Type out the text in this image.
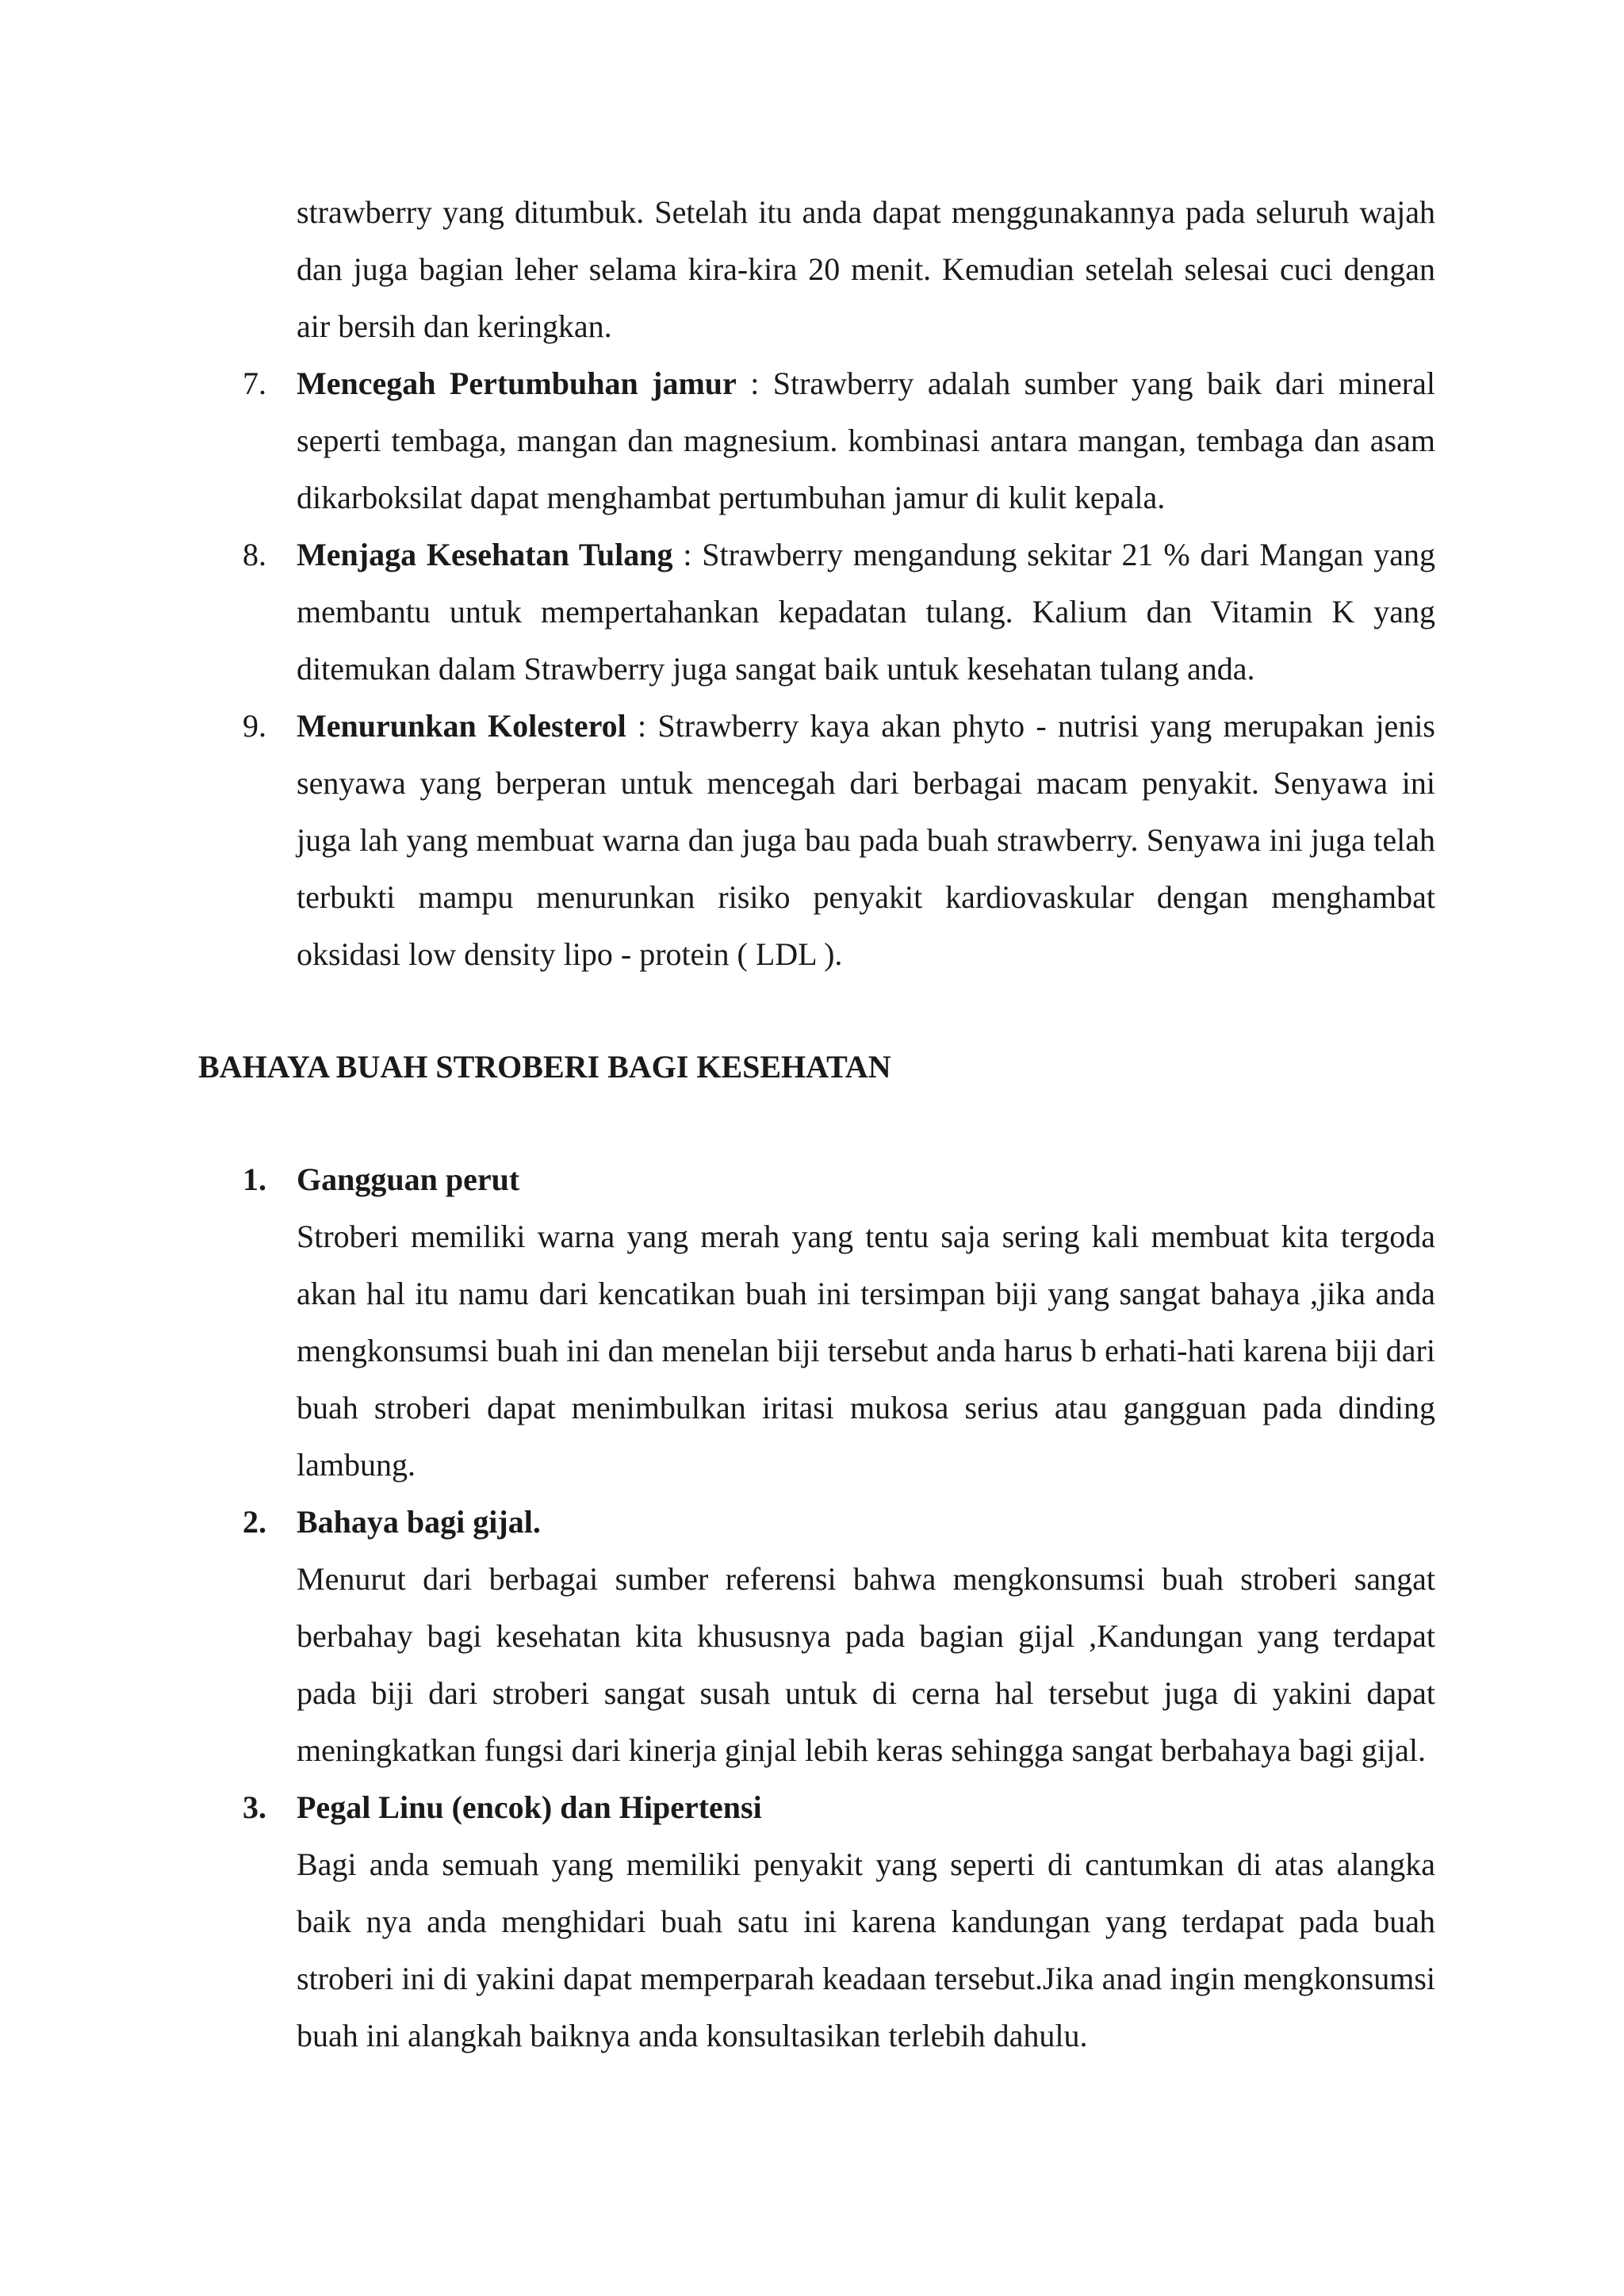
strawberry yang ditumbuk. Setelah itu anda dapat menggunakannya pada seluruh wajah dan juga bagian leher selama kira-kira 20 menit. Kemudian setelah selesai cuci dengan air bersih dan keringkan.

7. Mencegah Pertumbuhan jamur : Strawberry adalah sumber yang baik dari mineral seperti tembaga, mangan dan magnesium. kombinasi antara mangan, tembaga dan asam dikarboksilat dapat menghambat pertumbuhan jamur di kulit kepala.

8. Menjaga Kesehatan Tulang : Strawberry mengandung sekitar 21 % dari Mangan yang membantu untuk mempertahankan kepadatan tulang. Kalium dan Vitamin K yang ditemukan dalam Strawberry juga sangat baik untuk kesehatan tulang anda.

9. Menurunkan Kolesterol : Strawberry kaya akan phyto - nutrisi yang merupakan jenis senyawa yang berperan untuk mencegah dari berbagai macam penyakit. Senyawa ini juga lah yang membuat warna dan juga bau pada buah strawberry. Senyawa ini juga telah terbukti mampu menurunkan risiko penyakit kardiovaskular dengan menghambat oksidasi low density lipo - protein ( LDL ).

BAHAYA BUAH STROBERI BAGI KESEHATAN
1. Gangguan perut

Stroberi memiliki warna yang merah yang tentu saja sering kali membuat kita tergoda akan hal itu namu dari kencatikan buah ini tersimpan biji yang sangat bahaya ,jika anda mengkonsumsi buah ini dan menelan biji tersebut anda harus b erhati-hati karena biji dari buah stroberi dapat menimbulkan iritasi mukosa serius atau gangguan pada dinding lambung.

2. Bahaya bagi gijal.

Menurut dari berbagai sumber referensi bahwa mengkonsumsi buah stroberi sangat berbahay bagi kesehatan kita khususnya pada bagian gijal ,Kandungan yang terdapat pada biji dari stroberi sangat susah untuk di cerna hal tersebut juga di yakini dapat meningkatkan fungsi dari kinerja ginjal lebih keras sehingga sangat berbahaya bagi gijal.

3. Pegal Linu (encok) dan Hipertensi

Bagi anda semuah yang memiliki penyakit yang seperti di cantumkan di atas alangka baik nya anda menghidari buah satu ini karena kandungan yang terdapat pada buah stroberi ini di yakini dapat memperparah keadaan tersebut.Jika anad ingin mengkonsumsi buah ini alangkah baiknya anda konsultasikan terlebih dahulu.
